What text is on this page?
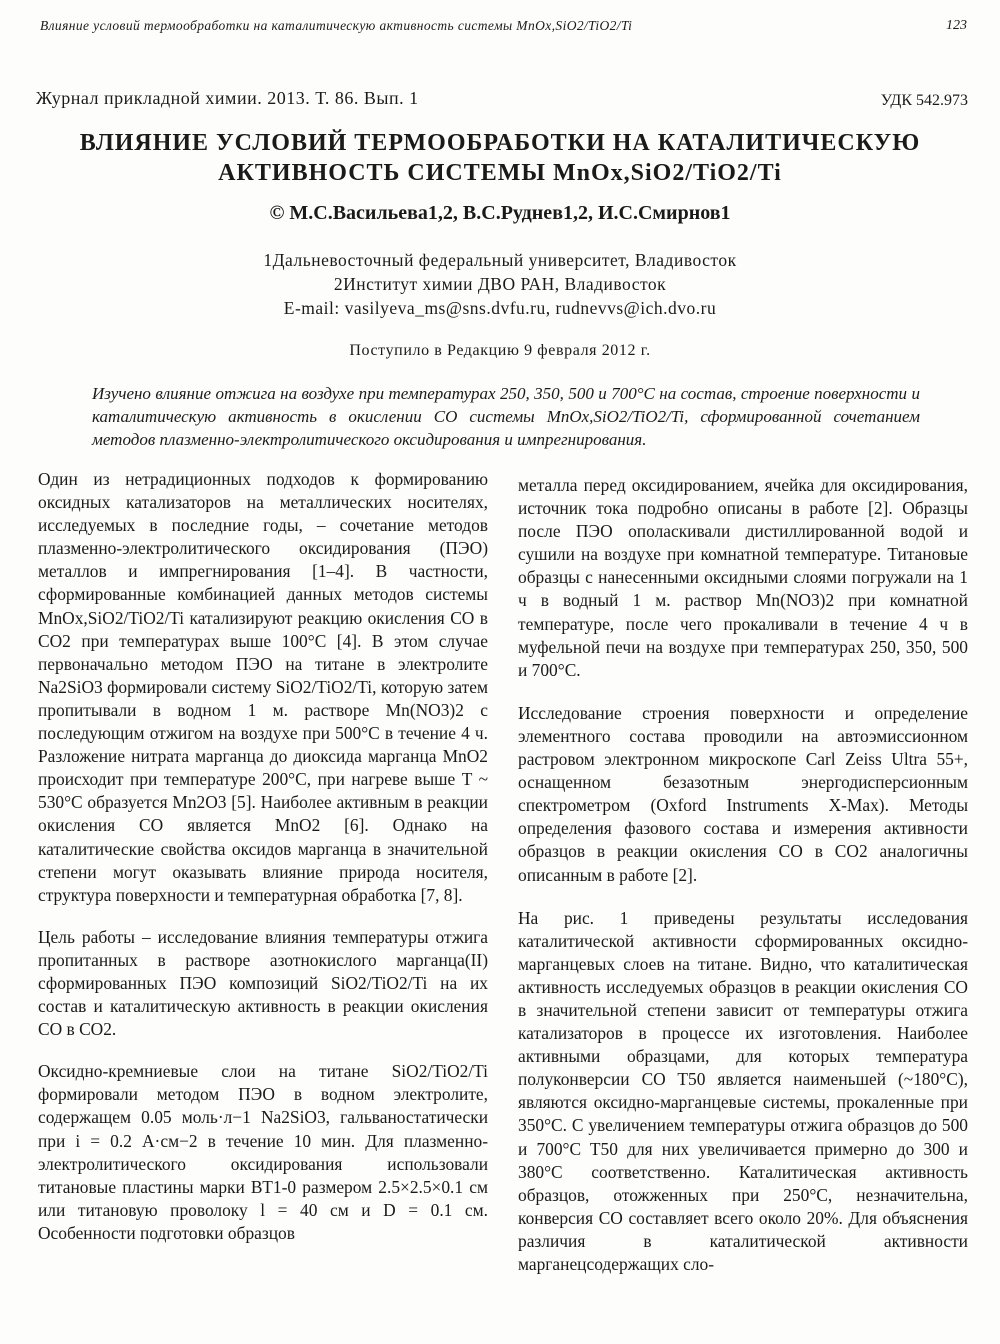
Влияние условий термообработки на каталитическую активность системы MnOx,SiO2/TiO2/Ti	123
Журнал прикладной химии. 2013. Т. 86. Вып. 1	УДК 542.973
ВЛИЯНИЕ УСЛОВИЙ ТЕРМООБРАБОТКИ НА КАТАЛИТИЧЕСКУЮ
АКТИВНОСТЬ СИСТЕМЫ MnOx,SiO2/TiO2/Ti
© М.С.Васильева1,2, В.С.Руднев1,2, И.С.Смирнов1
1Дальневосточный федеральный университет, Владивосток
2Институт химии ДВО РАН, Владивосток
E-mail: vasilyeva_ms@sns.dvfu.ru, rudnevvs@ich.dvo.ru
Поступило в Редакцию 9 февраля 2012 г.
Изучено влияние отжига на воздухе при температурах 250, 350, 500 и 700°C на состав, строение поверхности и каталитическую активность в окислении CO системы MnOx,SiO2/TiO2/Ti, сформированной сочетанием методов плазменно-электролитического оксидирования и импрегнирования.

Один из нетрадиционных подходов к формированию оксидных катализаторов на металлических носителях, исследуемых в последние годы, – сочетание методов плазменно-электролитического оксидирования (ПЭО) металлов и импрегнирования [1–4]. В частности, сформированные комбинацией данных методов системы MnOx,SiO2/TiO2/Ti катализируют реакцию окисления CO в CO2 при температурах выше 100°C [4]. В этом случае первоначально методом ПЭО на титане в электролите Na2SiO3 формировали систему SiO2/TiO2/Ti, которую затем пропитывали в водном 1 м. растворе Mn(NO3)2 с последующим отжигом на воздухе при 500°C в течение 4 ч. Разложение нитрата марганца до диоксида марганца MnO2 происходит при температуре 200°C, при нагреве выше T ~ 530°C образуется Mn2O3 [5]. Наиболее активным в реакции окисления CO является MnO2 [6]. Однако на каталитические свойства оксидов марганца в значительной степени могут оказывать влияние природа носителя, структура поверхности и температурная обработка [7, 8].

Цель работы – исследование влияния температуры отжига пропитанных в растворе азотнокислого марганца(II) сформированных ПЭО композиций SiO2/TiO2/Ti на их состав и каталитическую активность в реакции окисления CO в CO2.

Оксидно-кремниевые слои на титане SiO2/TiO2/Ti формировали методом ПЭО в водном электролите, содержащем 0.05 моль·л−1 Na2SiO3, гальваностатически при i = 0.2 А·см−2 в течение 10 мин. Для плазменно-электролитического оксидирования использовали титановые пластины марки ВТ1-0 размером 2.5×2.5×0.1 см или титановую проволоку l = 40 см и D = 0.1 см. Особенности подготовки образцов

металла перед оксидированием, ячейка для оксидирования, источник тока подробно описаны в работе [2]. Образцы после ПЭО ополаскивали дистиллированной водой и сушили на воздухе при комнатной температуре. Титановые образцы с нанесенными оксидными слоями погружали на 1 ч в водный 1 м. раствор Mn(NO3)2 при комнатной температуре, после чего прокаливали в течение 4 ч в муфельной печи на воздухе при температурах 250, 350, 500 и 700°C.

Исследование строения поверхности и определение элементного состава проводили на автоэмиссионном растровом электронном микроскопе Carl Zeiss Ultra 55+, оснащенном безазотным энергодисперсионным спектрометром (Oxford Instruments X-Max). Методы определения фазового состава и измерения активности образцов в реакции окисления CO в CO2 аналогичны описанным в работе [2].

На рис. 1 приведены результаты исследования каталитической активности сформированных оксидно-марганцевых слоев на титане. Видно, что каталитическая активность исследуемых образцов в реакции окисления CO в значительной степени зависит от температуры отжига катализаторов в процессе их изготовления. Наиболее активными образцами, для которых температура полуконверсии CO T50 является наименьшей (~180°C), являются оксидно-марганцевые системы, прокаленные при 350°C. С увеличением температуры отжига образцов до 500 и 700°C T50 для них увеличивается примерно до 300 и 380°C соответственно. Каталитическая активность образцов, отожженных при 250°C, незначительна, конверсия CO составляет всего около 20%. Для объяснения различия в каталитической активности марганецсодержащих сло-
